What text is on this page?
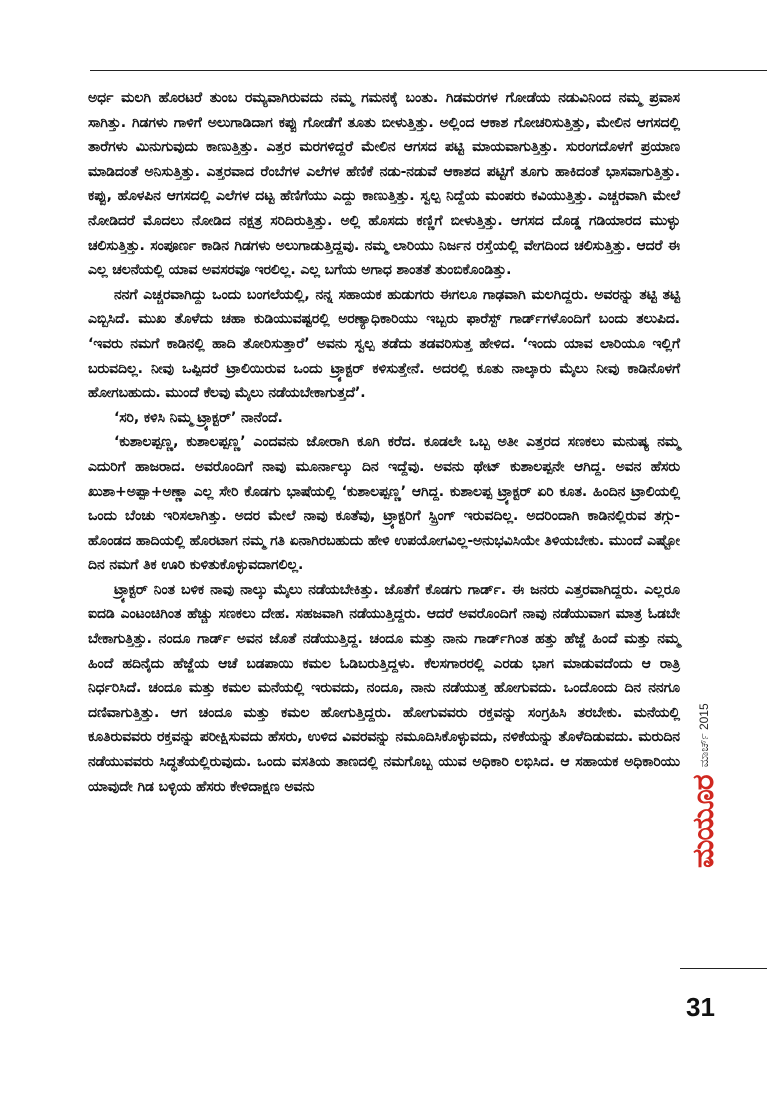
ಅರ್ಧ ಮಲಗಿ ಹೊರಟರೆ ತುಂಬ ರಮ್ಯವಾಗಿರುವದು ನಮ್ಮ ಗಮನಕ್ಕೆ ಬಂತು. ಗಿಡಮರಗಳ ಗೋಡೆಯ ನಡುವಿನಿಂದ ನಮ್ಮ ಪ್ರವಾಸ ಸಾಗಿತ್ತು. ಗಿಡಗಳು ಗಾಳಿಗೆ ಅಲುಗಾಡಿದಾಗ ಕಪ್ಪು ಗೋಡೆಗೆ ತೂತು ಬೀಳುತ್ತಿತ್ತು. ಅಲ್ಲಿಂದ ಆಕಾಶ ಗೋಚರಿಸುತ್ತಿತ್ತು, ಮೇಲಿನ ಆಗಸದಲ್ಲಿ ತಾರೆಗಳು ಮಿನುಗುವುದು ಕಾಣುತ್ತಿತ್ತು. ಎತ್ತರ ಮರಗಳಿದ್ದರೆ ಮೇಲಿನ ಆಗಸದ ಪಟ್ಟಿ ಮಾಯವಾಗುತ್ತಿತ್ತು. ಸುರಂಗದೊಳಗೆ ಪ್ರಯಾಣ ಮಾಡಿದಂತೆ ಅನಿಸುತ್ತಿತ್ತು. ಎತ್ತರವಾದ ರೆಂಬೆಗಳ ಎಲೆಗಳ ಹೆಣಿಕೆ ನಡು-ನಡುವೆ ಆಕಾಶದ ಪಟ್ಟಿಗೆ ತೂಗು ಹಾಕಿದಂತೆ ಭಾಸವಾಗುತ್ತಿತ್ತು. ಕಪ್ಪು, ಹೊಳಪಿನ ಆಗಸದಲ್ಲಿ ಎಲೆಗಳ ದಟ್ಟ ಹೆಣಿಗೆಯು ಎದ್ದು ಕಾಣುತ್ತಿತ್ತು. ಸ್ವಲ್ಪ ನಿದ್ದೆಯ ಮಂಪರು ಕವಿಯುತ್ತಿತ್ತು. ಎಚ್ಚರವಾಗಿ ಮೇಲೆ ನೋಡಿದರೆ ಮೊದಲು ನೋಡಿದ ನಕ್ಷತ್ರ ಸರಿದಿರುತ್ತಿತ್ತು. ಅಲ್ಲಿ ಹೊಸದು ಕಣ್ಣಿಗೆ ಬೀಳುತ್ತಿತ್ತು. ಆಗಸದ ದೊಡ್ಡ ಗಡಿಯಾರದ ಮುಳ್ಳು ಚಲಿಸುತ್ತಿತ್ತು. ಸಂಪೂರ್ಣ ಕಾಡಿನ ಗಿಡಗಳು ಅಲುಗಾಡುತ್ತಿದ್ದವು. ನಮ್ಮ ಲಾರಿಯು ನಿರ್ಜನ ರಸ್ತೆಯಲ್ಲಿ ವೇಗದಿಂದ ಚಲಿಸುತ್ತಿತ್ತು. ಆದರೆ ಈ ಎಲ್ಲ ಚಲನೆಯಲ್ಲಿ ಯಾವ ಅವಸರವೂ ಇರಲಿಲ್ಲ. ಎಲ್ಲ ಬಗೆಯ ಅಗಾಧ ಶಾಂತತೆ ತುಂಬಿಕೊಂಡಿತ್ತು.

ನನಗೆ ಎಚ್ಚರವಾಗಿದ್ದು ಒಂದು ಬಂಗಲೆಯಲ್ಲಿ, ನನ್ನ ಸಹಾಯಕ ಹುಡುಗರು ಈಗಲೂ ಗಾಢವಾಗಿ ಮಲಗಿದ್ದರು. ಅವರನ್ನು ತಟ್ಟಿ ತಟ್ಟಿ ಎಬ್ಬಿಸಿದೆ. ಮುಖ ತೊಳೆದು ಚಹಾ ಕುಡಿಯುವಷ್ಟರಲ್ಲಿ ಅರಣ್ಯಾಧಿಕಾರಿಯು ಇಬ್ಬರು ಫಾರೆಸ್ಟ್ ಗಾರ್ಡ್‌ಗಳೊಂದಿಗೆ ಬಂದು ತಲುಪಿದ. ‘ಇವರು ನಮಗೆ ಕಾಡಿನಲ್ಲಿ ಹಾದಿ ತೋರಿಸುತ್ತಾರೆ’ ಅವನು ಸ್ವಲ್ಪ ತಡೆದು ತಡವರಿಸುತ್ತ ಹೇಳಿದ. ‘ಇಂದು ಯಾವ ಲಾರಿಯೂ ಇಲ್ಲಿಗೆ ಬರುವದಿಲ್ಲ. ನೀವು ಒಪ್ಪಿದರೆ ಟ್ರಾಲಿಯಿರುವ ಒಂದು ಟ್ರ್ಯಾಕ್ಟರ್ ಕಳಿಸುತ್ತೇನೆ. ಅದರಲ್ಲಿ ಕೂತು ನಾಲ್ಕಾರು ಮೈಲು ನೀವು ಕಾಡಿನೊಳಗೆ ಹೋಗಬಹುದು. ಮುಂದೆ ಕೆಲವು ಮೈಲು ನಡೆಯಬೇಕಾಗುತ್ತದೆ’.

‘ಸರಿ, ಕಳಿಸಿ ನಿಮ್ಮ ಟ್ರ್ಯಾಕ್ಟರ್’ ನಾನೆಂದೆ.

‘ಕುಶಾಲಪ್ಪಣ್ಣ, ಕುಶಾಲಪ್ಪಣ್ಣ’ ಎಂದವನು ಜೋರಾಗಿ ಕೂಗಿ ಕರೆದ. ಕೂಡಲೇ ಒಬ್ಬ ಅತೀ ಎತ್ತರದ ಸಣಕಲು ಮನುಷ್ಯ ನಮ್ಮ ಎದುರಿಗೆ ಹಾಜರಾದ. ಅವರೊಂದಿಗೆ ನಾವು ಮೂರ್ನಾಲ್ಕು ದಿನ ಇದ್ದೆವು. ಅವನು ಥೇಟ್ ಕುಶಾಲಪ್ಪನೇ ಆಗಿದ್ದ. ಅವನ ಹೆಸರು ಖುಶಾ+ಅಪ್ಪಾ+ಅಣ್ಣಾ ಎಲ್ಲ ಸೇರಿ ಕೊಡಗು ಭಾಷೆಯಲ್ಲಿ ‘ಕುಶಾಲಪ್ಪಣ್ಣ’ ಆಗಿದ್ದ. ಕುಶಾಲಪ್ಪ ಟ್ರ್ಯಾಕ್ಟರ್ ಏರಿ ಕೂತ. ಹಿಂದಿನ ಟ್ರಾಲಿಯಲ್ಲಿ ಒಂದು ಬೆಂಚು ಇರಿಸಲಾಗಿತ್ತು. ಅದರ ಮೇಲೆ ನಾವು ಕೂತೆವು, ಟ್ರ್ಯಾಕ್ಟರಿಗೆ ಸ್ಪ್ರಿಂಗ್ ಇರುವದಿಲ್ಲ. ಅದರಿಂದಾಗಿ ಕಾಡಿನಲ್ಲಿರುವ ತಗ್ಗು-ಹೊಂಡದ ಹಾದಿಯಲ್ಲಿ ಹೊರಟಾಗ ನಮ್ಮ ಗತಿ ಏನಾಗಿರಬಹುದು ಹೇಳಿ ಉಪಯೋಗವಿಲ್ಲ-ಅನುಭವಿಸಿಯೇ ತಿಳಿಯಬೇಕು. ಮುಂದೆ ಎಷ್ಟೋ ದಿನ ನಮಗೆ ತಿಕ ಊರಿ ಕುಳಿತುಕೊಳ್ಳುವದಾಗಲಿಲ್ಲ.

ಟ್ರ್ಯಾಕ್ಟರ್ ನಿಂತ ಬಳಿಕ ನಾವು ನಾಲ್ಕು ಮೈಲು ನಡೆಯಬೇಕಿತ್ತು. ಜೊತೆಗೆ ಕೊಡಗು ಗಾರ್ಡ್. ಈ ಜನರು ಎತ್ತರವಾಗಿದ್ದರು. ಎಲ್ಲರೂ ಐದಡಿ ಎಂಟಂಚಿಗಿಂತ ಹೆಚ್ಚು ಸಣಕಲು ದೇಹ. ಸಹಜವಾಗಿ ನಡೆಯುತ್ತಿದ್ದರು. ಆದರೆ ಅವರೊಂದಿಗೆ ನಾವು ನಡೆಯುವಾಗ ಮಾತ್ರ ಓಡಬೇ ಬೇಕಾಗುತ್ತಿತ್ತು. ನಂದೂ ಗಾರ್ಡ್ ಅವನ ಜೊತೆ ನಡೆಯುತ್ತಿದ್ದ. ಚಂದೂ ಮತ್ತು ನಾನು ಗಾರ್ಡ್‌ಗಿಂತ ಹತ್ತು ಹೆಜ್ಜೆ ಹಿಂದೆ ಮತ್ತು ನಮ್ಮ ಹಿಂದೆ ಹದಿನೈದು ಹೆಜ್ಜೆಯ ಆಚೆ ಬಡಪಾಯಿ ಕಮಲ ಓಡಿಬರುತ್ತಿದ್ದಳು. ಕೆಲಸಗಾರರಲ್ಲಿ ಎರಡು ಭಾಗ ಮಾಡುವದೆಂದು ಆ ರಾತ್ರಿ ನಿರ್ಧರಿಸಿದೆ. ಚಂದೂ ಮತ್ತು ಕಮಲ ಮನೆಯಲ್ಲಿ ಇರುವದು, ನಂದೂ, ನಾನು ನಡೆಯುತ್ತ ಹೋಗುವದು. ಒಂದೊಂದು ದಿನ ನನಗೂ ದಣಿವಾಗುತ್ತಿತ್ತು. ಆಗ ಚಂದೂ ಮತ್ತು ಕಮಲ ಹೋಗುತ್ತಿದ್ದರು. ಹೋಗುವವರು ರಕ್ತವನ್ನು ಸಂಗ್ರಹಿಸಿ ತರಬೇಕು. ಮನೆಯಲ್ಲಿ ಕೂತಿರುವವರು ರಕ್ತವನ್ನು ಪರೀಕ್ಷಿಸುವದು ಹೆಸರು, ಉಳಿದ ವಿವರವನ್ನು ನಮೂದಿಸಿಕೊಳ್ಳುವದು, ನಳಿಕೆಯನ್ನು ತೊಳೆದಿಡುವದು. ಮರುದಿನ ನಡೆಯುವವರು ಸಿದ್ಧತೆಯಲ್ಲಿರುವುದು. ಒಂದು ವಸತಿಯ ತಾಣದಲ್ಲಿ ನಮಗೊಬ್ಬ ಯುವ ಅಧಿಕಾರಿ ಲಭಿಸಿದ. ಆ ಸಹಾಯಕ ಅಧಿಕಾರಿಯು ಯಾವುದೇ ಗಿಡ ಬಳ್ಳಿಯ ಹೆಸರು ಕೇಳಿದಾಕ್ಷಣ ಅವನು	ಮಯೂರ
ಮಾರ್ಚ್ 2015
31
